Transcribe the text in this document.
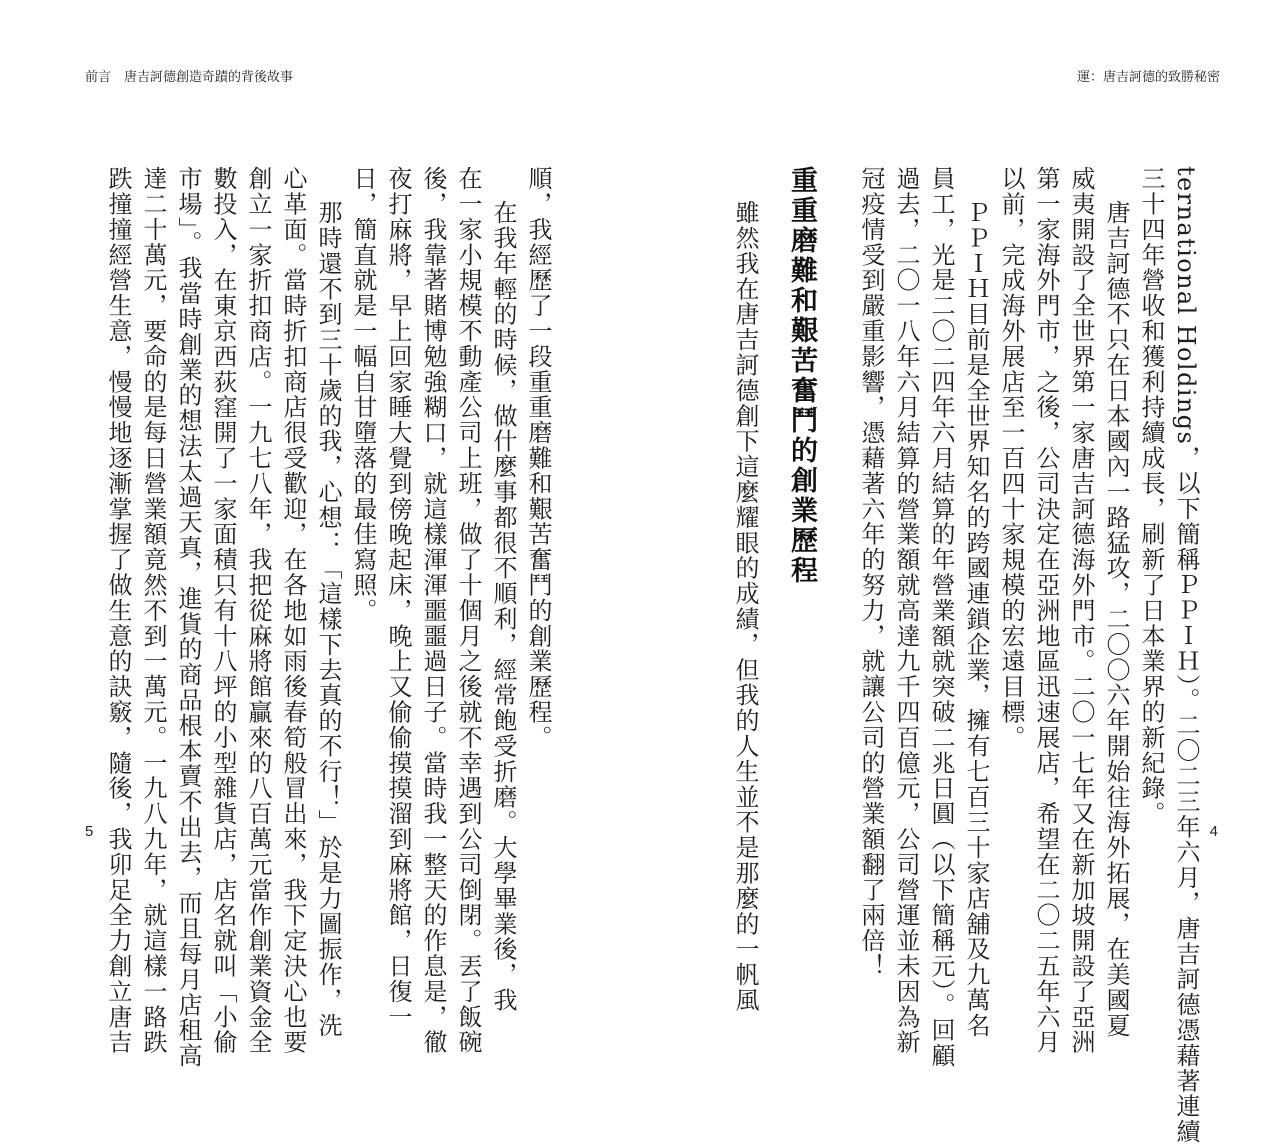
前言　唐吉訶德創造奇蹟的背後故事
順，我經歷了一段重重磨難和艱苦奮鬥的創業歷程。
在我年輕的時候，做什麼事都很不順利，經常飽受折磨。大學畢業後，我
在一家小規模不動產公司上班，做了十個月之後就不幸遇到公司倒閉。丟了飯碗
後，我靠著賭博勉強糊口，就這樣渾渾噩噩過日子。當時我一整天的作息是，徹
夜打麻將，早上回家睡大覺到傍晚起床，晚上又偷偷摸摸溜到麻將館，日復一
日，簡直就是一幅自甘墮落的最佳寫照。
那時還不到三十歲的我，心想：「這樣下去真的不行！」於是力圖振作，洗
心革面。當時折扣商店很受歡迎，在各地如雨後春筍般冒出來，我下定決心也要
創立一家折扣商店。一九七八年，我把從麻將館贏來的八百萬元當作創業資金全
數投入，在東京西荻窪開了一家面積只有十八坪的小型雜貨店，店名就叫「小偷
市場」。我當時創業的想法太過天真，進貨的商品根本賣不出去，而且每月店租高
達二十萬元，要命的是每日營業額竟然不到一萬元。一九八九年，就這樣一路跌
跌撞撞經營生意，慢慢地逐漸掌握了做生意的訣竅，隨後，我卯足全力創立唐吉
5
運：唐吉訶德的致勝秘密
ternational Holdings，以下簡稱ＰＰＩＨ）。二〇二三年六月，唐吉訶德憑藉著連續
三十四年營收和獲利持續成長，刷新了日本業界的新紀錄。
唐吉訶德不只在日本國內一路猛攻，二〇〇六年開始往海外拓展，在美國夏
威夷開設了全世界第一家唐吉訶德海外門市。二〇一七年又在新加坡開設了亞洲
第一家海外門市，之後，公司決定在亞洲地區迅速展店，希望在二〇二五年六月
以前，完成海外展店至一百四十家規模的宏遠目標。
ＰＰＩＨ目前是全世界知名的跨國連鎖企業，擁有七百三十家店舖及九萬名
員工，光是二〇二四年六月結算的年營業額就突破二兆日圓（以下簡稱元）。回顧
過去，二〇一八年六月結算的營業額就高達九千四百億元，公司營運並未因為新
冠疫情受到嚴重影響，憑藉著六年的努力，就讓公司的營業額翻了兩倍！
重重磨難和艱苦奮鬥的創業歷程
雖然我在唐吉訶德創下這麼耀眼的成績，但我的人生並不是那麼的一帆風	4
